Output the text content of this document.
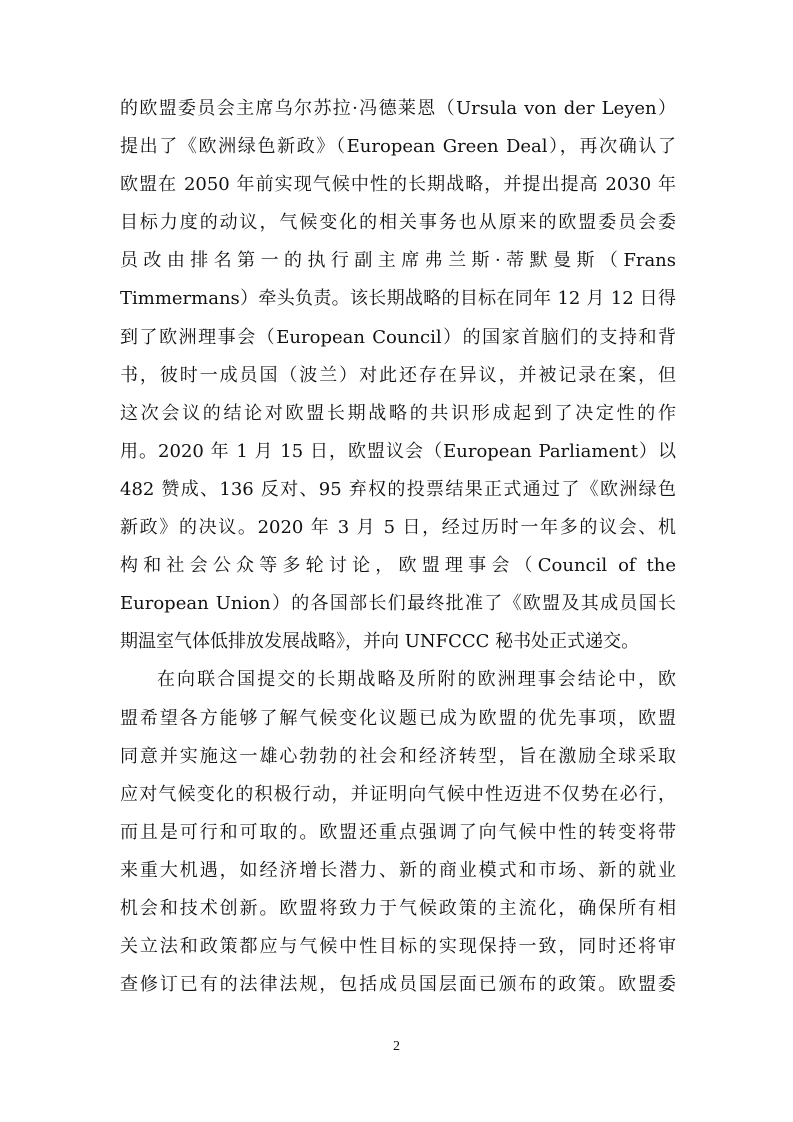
的欧盟委员会主席乌尔苏拉·冯德莱恩（Ursula von der Leyen）
提出了《欧洲绿色新政》（European Green Deal），再次确认了
欧盟在 2050 年前实现气候中性的长期战略，并提出提高 2030 年
目标力度的动议，气候变化的相关事务也从原来的欧盟委员会委
员改由排名第一的执行副主席弗兰斯·蒂默曼斯（Frans
Timmermans）牵头负责。该长期战略的目标在同年 12 月 12 日得
到了欧洲理事会（European Council）的国家首脑们的支持和背
书，彼时一成员国（波兰）对此还存在异议，并被记录在案，但
这次会议的结论对欧盟长期战略的共识形成起到了决定性的作
用。2020 年 1 月 15 日，欧盟议会（European Parliament）以
482 赞成、136 反对、95 弃权的投票结果正式通过了《欧洲绿色
新政》的决议。2020 年 3 月 5 日，经过历时一年多的议会、机
构和社会公众等多轮讨论，欧盟理事会（Council of the
European Union）的各国部长们最终批准了《欧盟及其成员国长
期温室气体低排放发展战略》，并向 UNFCCC 秘书处正式递交。
在向联合国提交的长期战略及所附的欧洲理事会结论中，欧
盟希望各方能够了解气候变化议题已成为欧盟的优先事项，欧盟
同意并实施这一雄心勃勃的社会和经济转型，旨在激励全球采取
应对气候变化的积极行动，并证明向气候中性迈进不仅势在必行，
而且是可行和可取的。欧盟还重点强调了向气候中性的转变将带
来重大机遇，如经济增长潜力、新的商业模式和市场、新的就业
机会和技术创新。欧盟将致力于气候政策的主流化，确保所有相
关立法和政策都应与气候中性目标的实现保持一致，同时还将审
查修订已有的法律法规，包括成员国层面已颁布的政策。欧盟委
2
